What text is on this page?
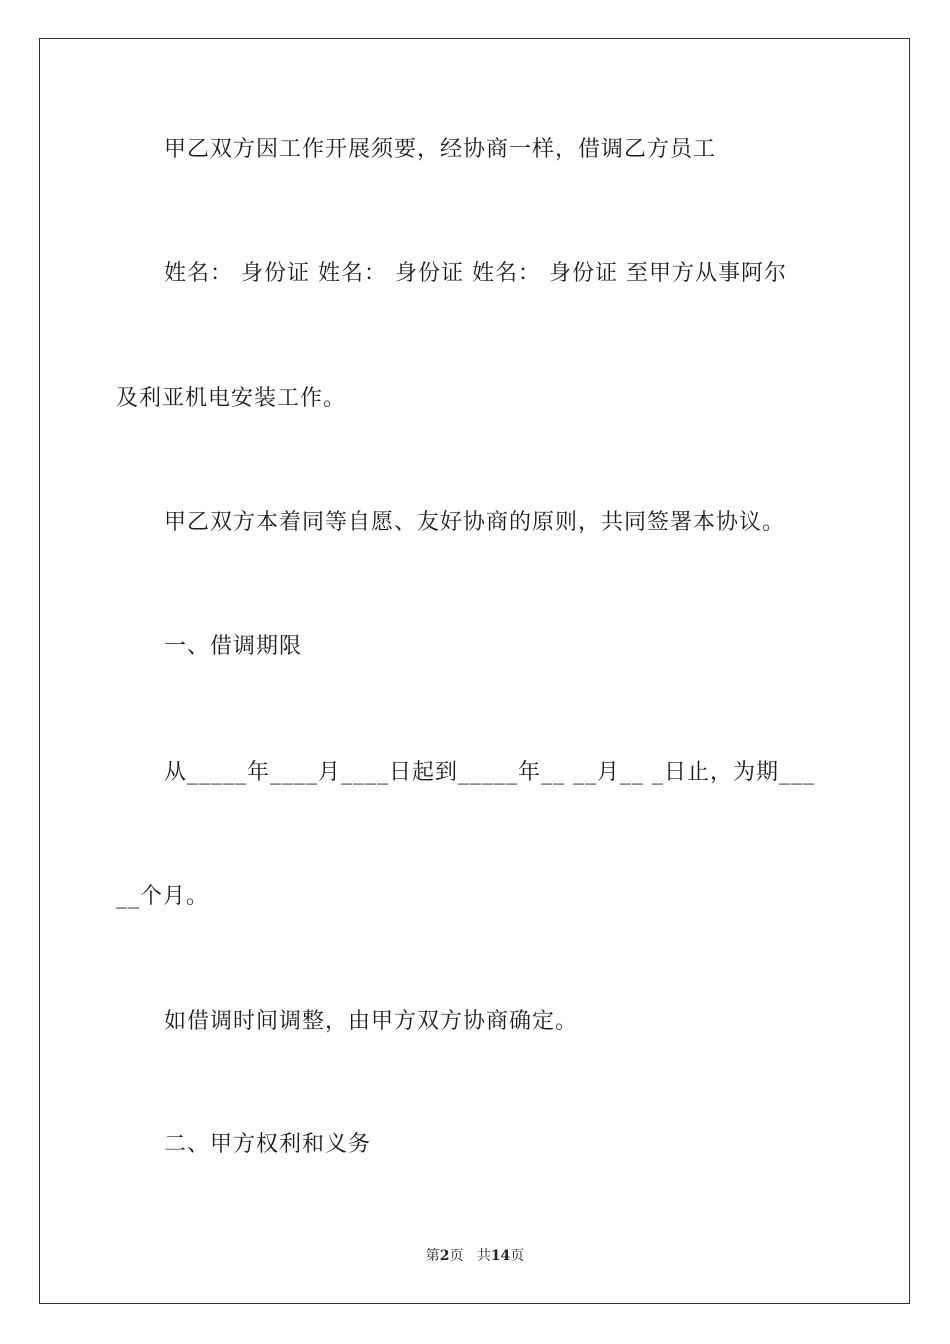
甲乙双方因工作开展须要，经协商一样，借调乙方员工
姓名： 身份证 姓名： 身份证 姓名： 身份证 至甲方从事阿尔
及利亚机电安装工作。
甲乙双方本着同等自愿、友好协商的原则，共同签署本协议。
一、借调期限
从_____年____月____日起到_____年__ __月__ _日止，为期___
__个月。
如借调时间调整，由甲方双方协商确定。
二、甲方权利和义务
第2页 共14页
